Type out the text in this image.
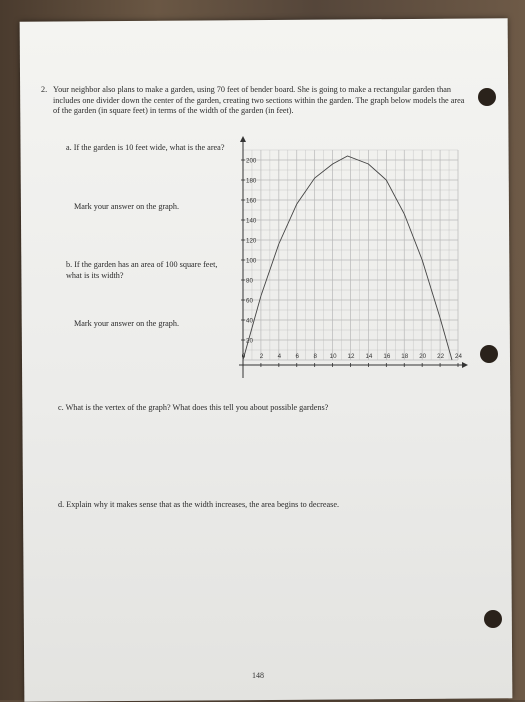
2. Your neighbor also plans to make a garden, using 70 feet of bender board. She is going to make a rectangular garden than includes one divider down the center of the garden, creating two sections within the garden. The graph below models the area of the garden (in square feet) in terms of the width of the garden (in feet).
a. If the garden is 10 feet wide, what is the area?
Mark your answer on the graph.
b. If the garden has an area of 100 square feet, what is its width?
Mark your answer on the graph.
c. What is the vertex of the graph? What does this tell you about possible gardens?
d. Explain why it makes sense that as the width increases, the area begins to decrease.
20
40
60
80
100
120
140
160
180
200
0 2 4 6 8 10 12 14 16 18 20 22 24
148
